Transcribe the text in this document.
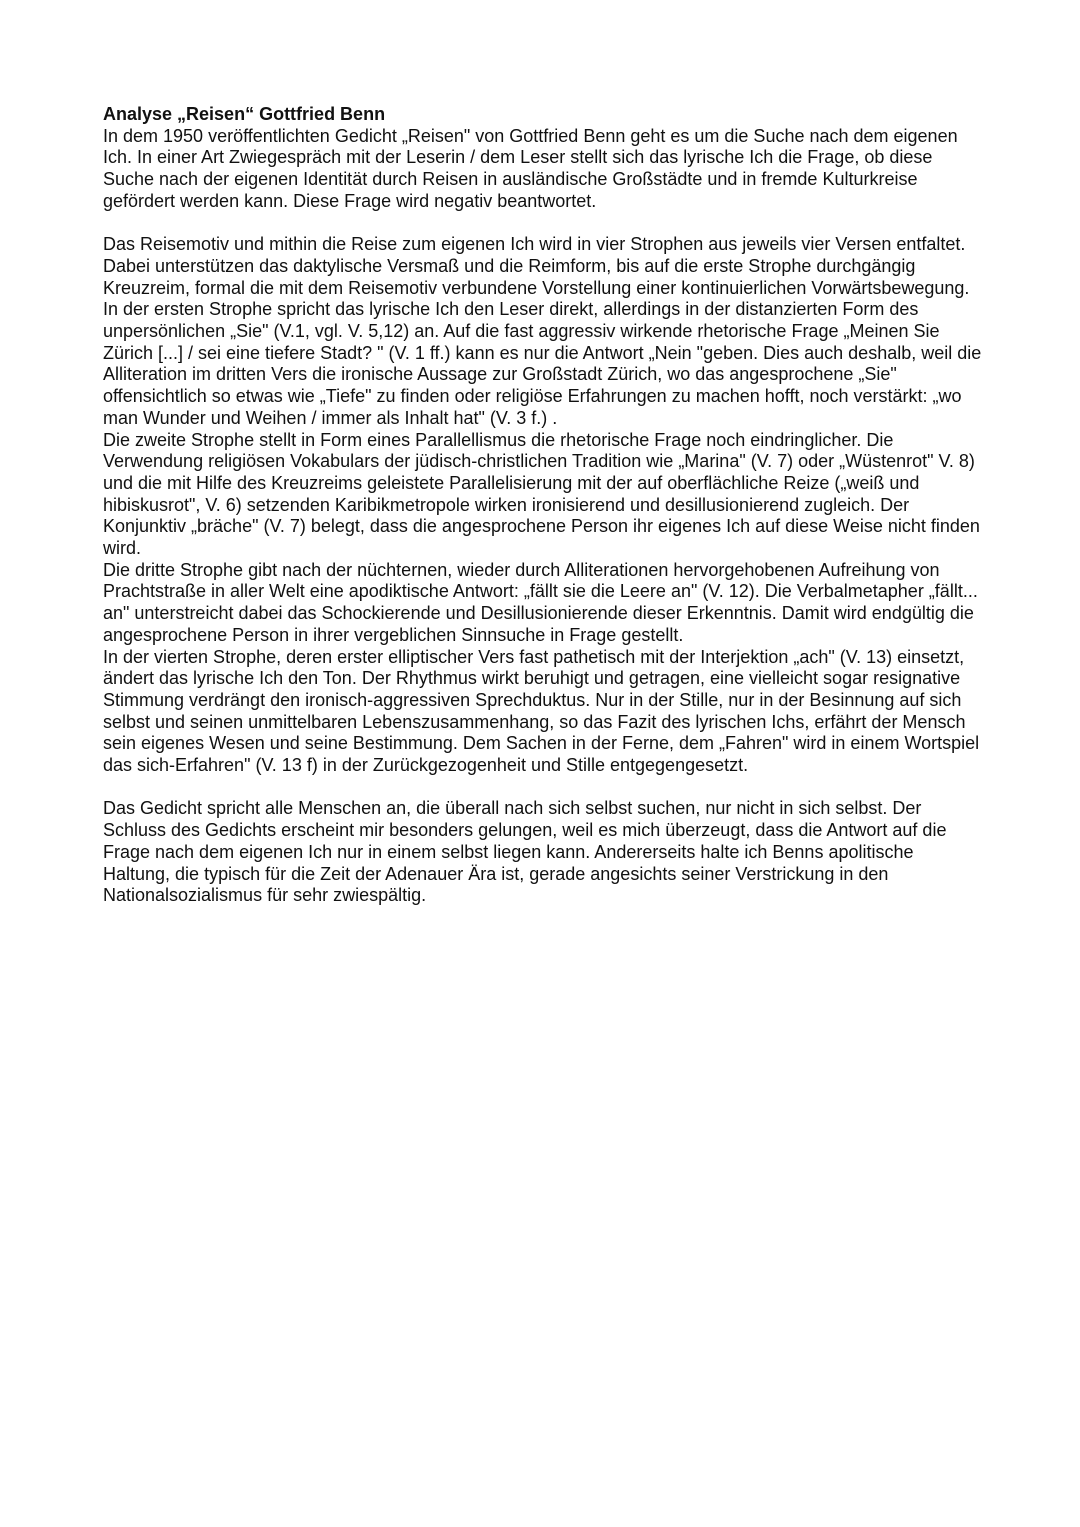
Analyse „Reisen“ Gottfried Benn

In dem 1950 veröffentlichten Gedicht „Reisen" von Gottfried Benn geht es um die Suche nach dem eigenen Ich. In einer Art Zwiegespräch mit der Leserin / dem Leser stellt sich das lyrische Ich die Frage, ob diese Suche nach der eigenen Identität durch Reisen in ausländische Großstädte und in fremde Kulturkreise gefördert werden kann. Diese Frage wird negativ beantwortet.

Das Reisemotiv und mithin die Reise zum eigenen Ich wird in vier Strophen aus jeweils vier Versen entfaltet. Dabei unterstützen das daktylische Versmaß und die Reimform, bis auf die erste Strophe durchgängig Kreuzreim, formal die mit dem Reisemotiv verbundene Vorstellung einer kontinuierlichen Vorwärtsbewegung.

In der ersten Strophe spricht das lyrische Ich den Leser direkt, allerdings in der distanzierten Form des unpersönlichen „Sie" (V.1, vgl. V. 5,12) an. Auf die fast aggressiv wirkende rhetorische Frage „Meinen Sie Zürich [...] / sei eine tiefere Stadt? " (V. 1 ff.) kann es nur die Antwort „Nein "geben. Dies auch deshalb, weil die Alliteration im dritten Vers die ironische Aussage zur Großstadt Zürich, wo das angesprochene „Sie" offensichtlich so etwas wie „Tiefe" zu finden oder religiöse Erfahrungen zu machen hofft, noch verstärkt: „wo man Wunder und Weihen / immer als Inhalt hat" (V. 3 f.) .

Die zweite Strophe stellt in Form eines Parallellismus die rhetorische Frage noch eindringlicher. Die Verwendung religiösen Vokabulars der jüdisch-christlichen Tradition wie „Marina" (V. 7) oder „Wüstenrot" V. 8) und die mit Hilfe des Kreuzreims geleistete Parallelisierung mit der auf oberflächliche Reize („weiß und hibiskusrot", V. 6) setzenden Karibikmetropole wirken ironisierend und desillusionierend zugleich. Der Konjunktiv „bräche" (V. 7) belegt, dass die angesprochene Person ihr eigenes Ich auf diese Weise nicht finden wird.

Die dritte Strophe gibt nach der nüchternen, wieder durch Alliterationen hervorgehobenen Aufreihung von Prachtstraße in aller Welt eine apodiktische Antwort: „fällt sie die Leere an" (V. 12). Die Verbalmetapher „fällt... an" unterstreicht dabei das Schockierende und Desillusionierende dieser Erkenntnis. Damit wird endgültig die angesprochene Person in ihrer vergeblichen Sinnsuche in Frage gestellt.

In der vierten Strophe, deren erster elliptischer Vers fast pathetisch mit der Interjektion „ach" (V. 13) einsetzt, ändert das lyrische Ich den Ton. Der Rhythmus wirkt beruhigt und getragen, eine vielleicht sogar resignative Stimmung verdrängt den ironisch-aggressiven Sprechduktus. Nur in der Stille, nur in der Besinnung auf sich selbst und seinen unmittelbaren Lebenszusammenhang, so das Fazit des lyrischen Ichs, erfährt der Mensch sein eigenes Wesen und seine Bestimmung. Dem Sachen in der Ferne, dem „Fahren" wird in einem Wortspiel das sich-Erfahren" (V. 13 f) in der Zurückgezogenheit und Stille entgegengesetzt.

Das Gedicht spricht alle Menschen an, die überall nach sich selbst suchen, nur nicht in sich selbst. Der Schluss des Gedichts erscheint mir besonders gelungen, weil es mich überzeugt, dass die Antwort auf die Frage nach dem eigenen Ich nur in einem selbst liegen kann. Andererseits halte ich Benns apolitische Haltung, die typisch für die Zeit der Adenauer Ära ist, gerade angesichts seiner Verstrickung in den Nationalsozialismus für sehr zwiespältig.
